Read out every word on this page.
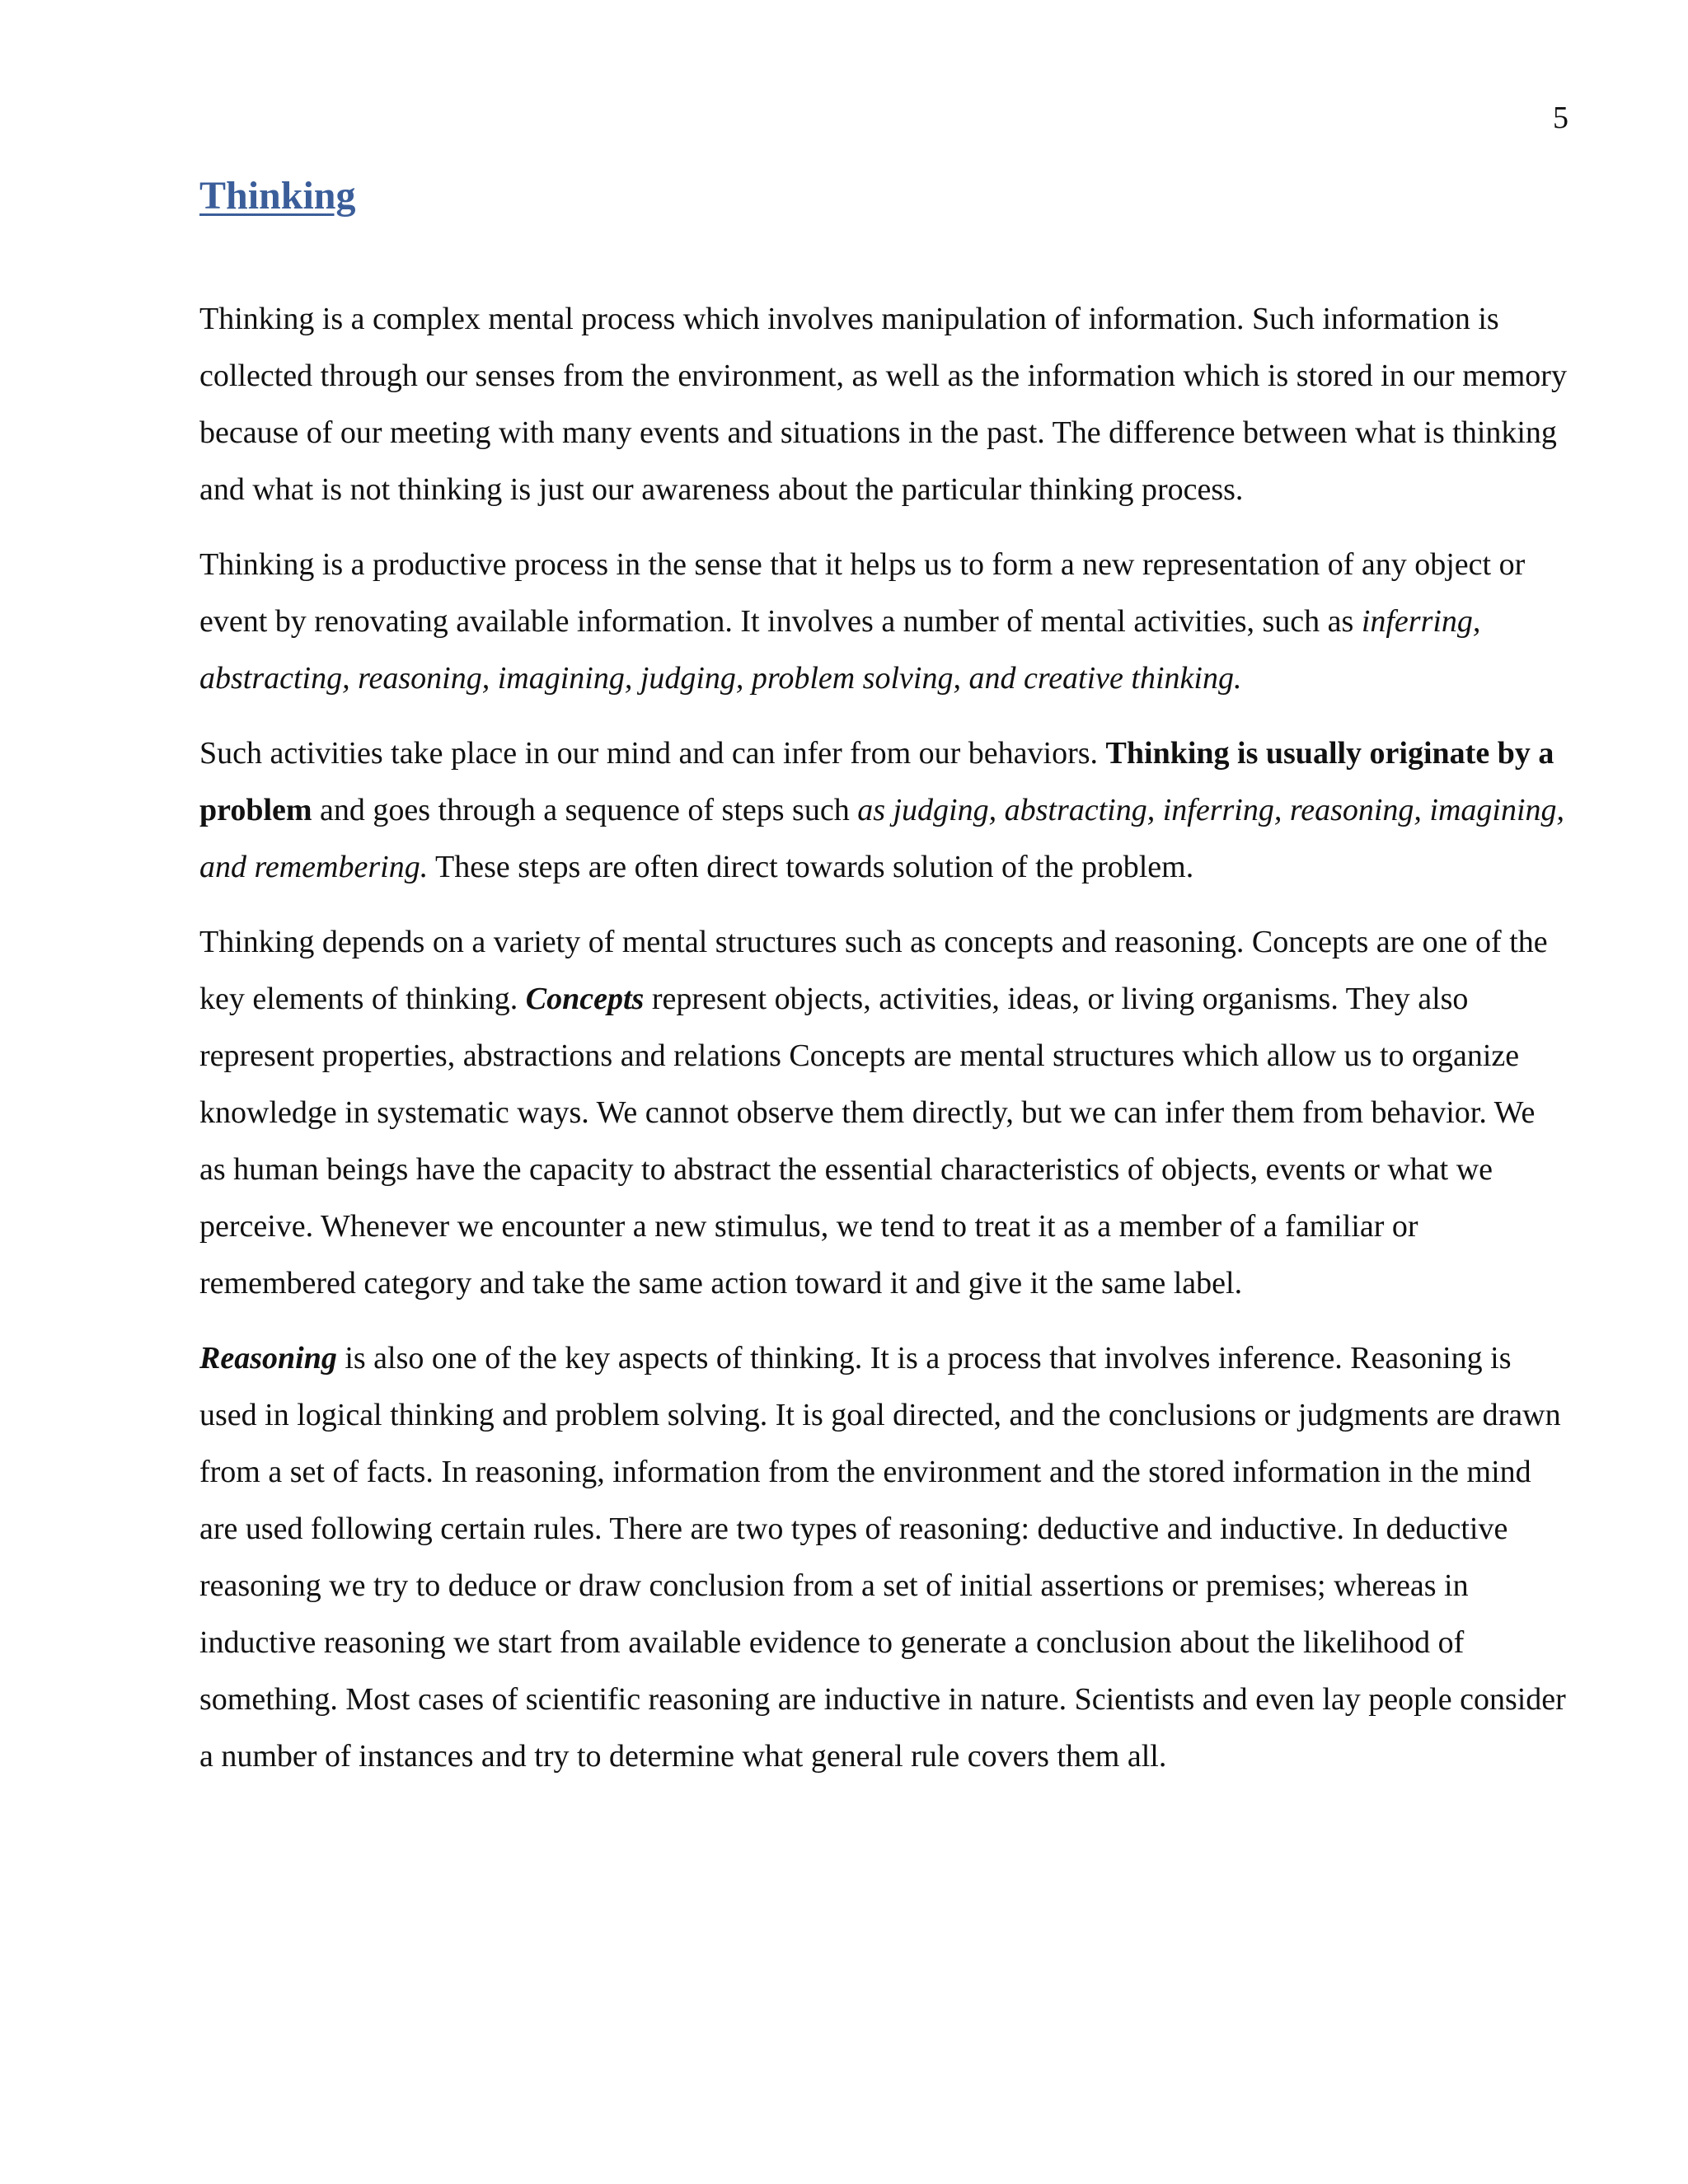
5
Thinking

Thinking is a complex mental process which involves manipulation of information. Such information is collected through our senses from the environment, as well as the information which is stored in our memory because of our meeting with many events and situations in the past. The difference between what is thinking and what is not thinking is just our awareness about the particular thinking process.

Thinking is a productive process in the sense that it helps us to form a new representation of any object or event by renovating available information. It involves a number of mental activities, such as inferring, abstracting, reasoning, imagining, judging, problem solving, and creative thinking.

Such activities take place in our mind and can infer from our behaviors. Thinking is usually originate by a problem and goes through a sequence of steps such as judging, abstracting, inferring, reasoning, imagining, and remembering. These steps are often direct towards solution of the problem.

Thinking depends on a variety of mental structures such as concepts and reasoning. Concepts are one of the key elements of thinking. Concepts represent objects, activities, ideas, or living organisms. They also represent properties, abstractions and relations Concepts are mental structures which allow us to organize knowledge in systematic ways. We cannot observe them directly, but we can infer them from behavior. We as human beings have the capacity to abstract the essential characteristics of objects, events or what we perceive. Whenever we encounter a new stimulus, we tend to treat it as a member of a familiar or remembered category and take the same action toward it and give it the same label.

Reasoning is also one of the key aspects of thinking. It is a process that involves inference. Reasoning is used in logical thinking and problem solving. It is goal directed, and the conclusions or judgments are drawn from a set of facts. In reasoning, information from the environment and the stored information in the mind are used following certain rules. There are two types of reasoning: deductive and inductive. In deductive reasoning we try to deduce or draw conclusion from a set of initial assertions or premises; whereas in inductive reasoning we start from available evidence to generate a conclusion about the likelihood of something. Most cases of scientific reasoning are inductive in nature. Scientists and even lay people consider a number of instances and try to determine what general rule covers them all.
